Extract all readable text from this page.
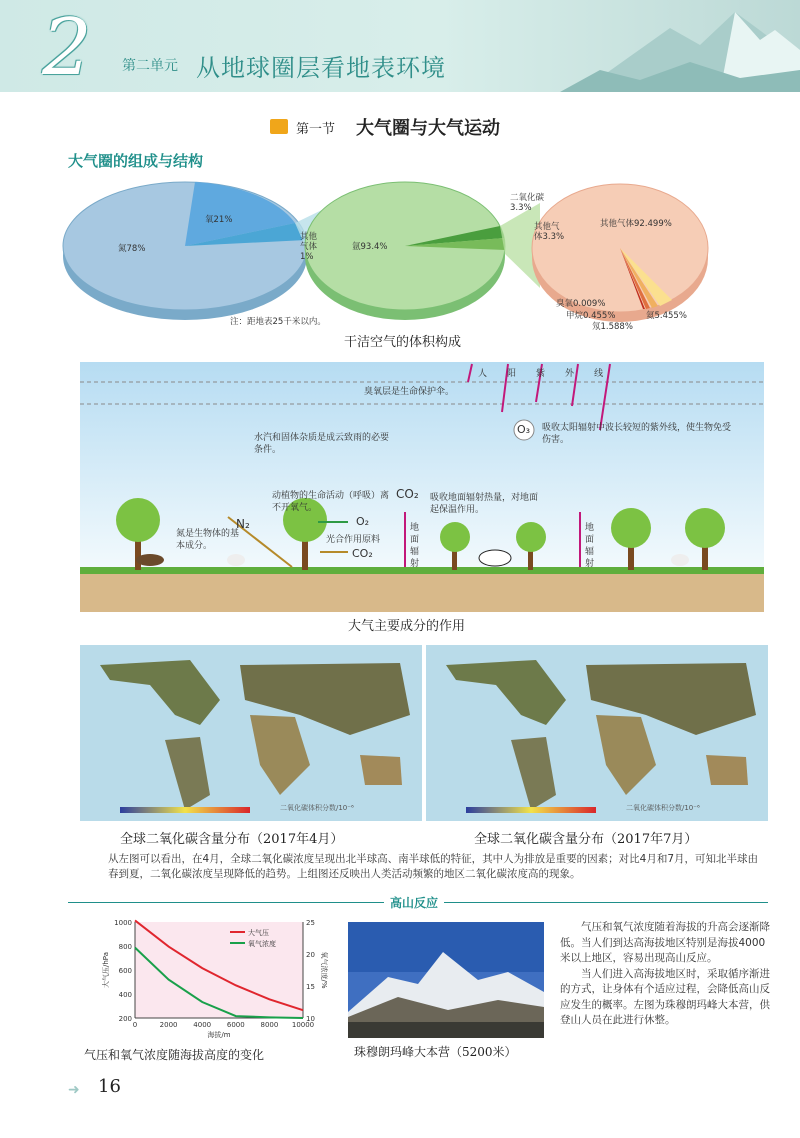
2	第二单元 从地球圈层看地表环境
第一节 大气圈与大气运动
大气圈的组成与结构
氮78%
氧21%
其他气体1%
氩93.4%
二氧化碳3.3%
其他气体3.3%
其他气体92.499%
臭氧0.009%
甲烷0.455%
氖1.588%
氦5.455%
注：距地表25千米以内。
干洁空气的体积构成
人阳紫外线
臭氧层是生命保护伞。
O₃ 吸收太阳辐射中波长较短的紫外线，使生物免受伤害。
水汽和固体杂质是成云致雨的必要条件。
动植物的生命活动（呼吸）离不开氧气。
CO₂ 吸收地面辐射热量，对地面起保温作用。
N₂
氮是生物体的基本成分。
O₂
光合作用原料
CO₂
地面辐射
地面辐射
大气主要成分的作用
二氧化碳体积分数/10⁻⁶	二氧化碳体积分数/10⁻⁶
全球二氧化碳含量分布（2017年4月）	全球二氧化碳含量分布（2017年7月）
从左图可以看出，在4月，全球二氧化碳浓度呈现出北半球高、南半球低的特征，其中人为排放是重要的因素；对比4月和7月，可知北半球由春到夏，二氧化碳浓度呈现降低的趋势。上组图还反映出人类活动频繁的地区二氧化碳浓度高的现象。
高山反应
0	2000 4000 6000 8000 10000
1000
800
600
400
200
25
20
15
10
海拔/m
大气压/hPa	氧气浓度/%
大气压
氧气浓度
气压和氧气浓度随海拔高度的变化	珠穆朗玛峰大本营（5200米）
气压和氧气浓度随着海拔的升高会逐渐降低。当人们到达高海拔地区特别是海拔4000米以上地区，容易出现高山反应。
当人们进入高海拔地区时，采取循序渐进的方式，让身体有个适应过程，会降低高山反应发生的概率。左图为珠穆朗玛峰大本营，供登山人员在此进行休整。
➜ 16
